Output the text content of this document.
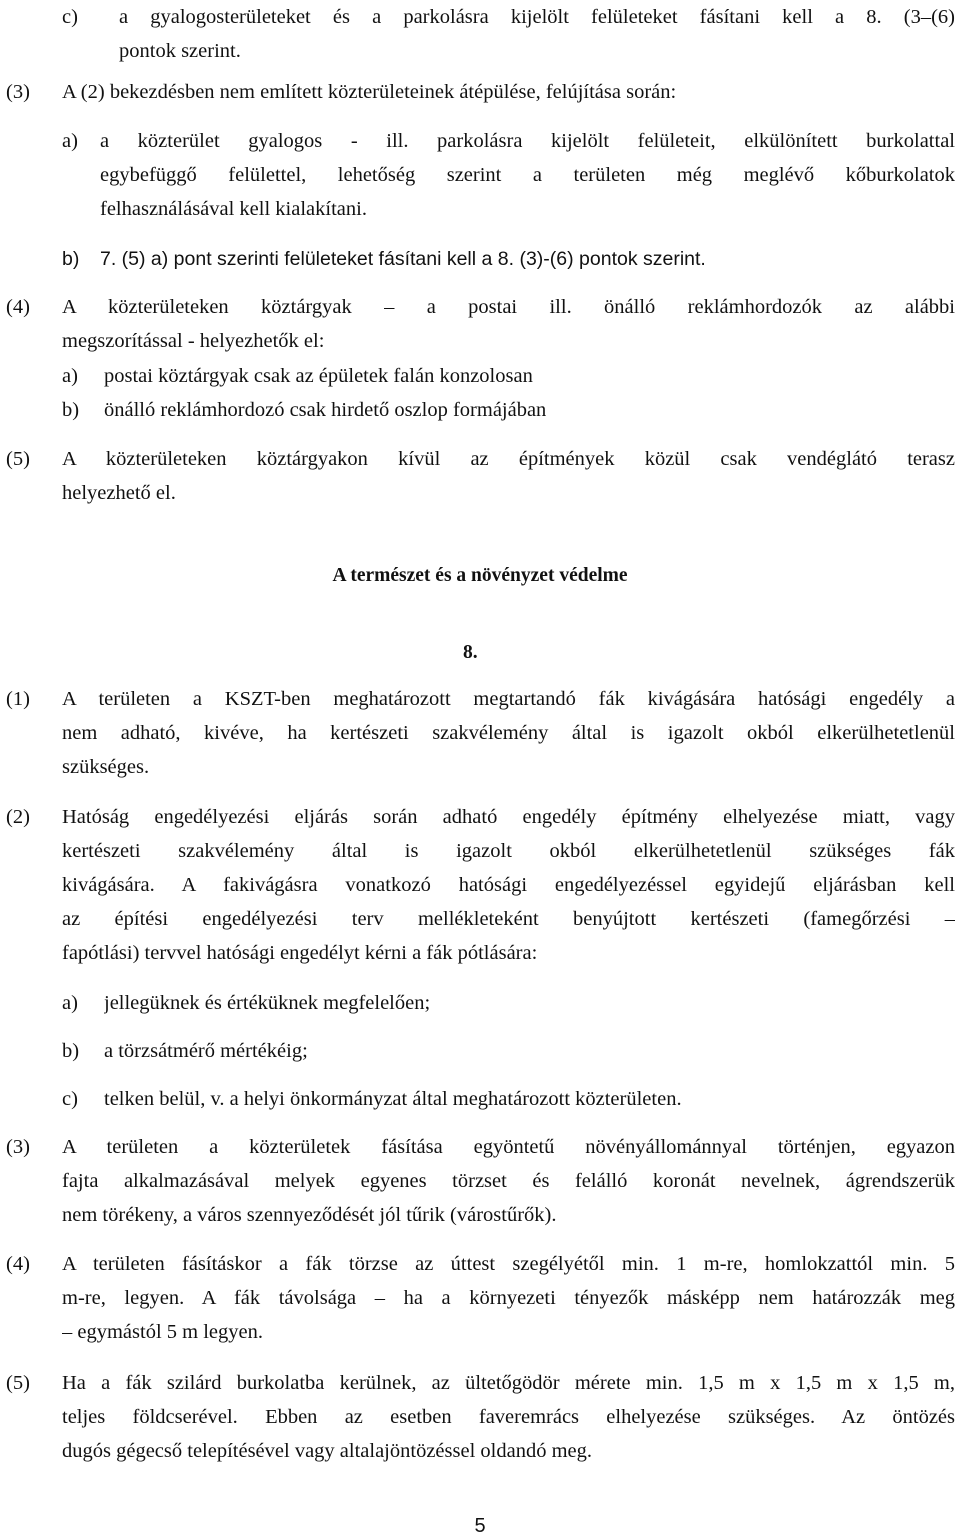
c) a gyalogosterületeket és a parkolásra kijelölt felületeket fásítani kell a 8. (3–(6)
pontok szerint.
(3) A (2) bekezdésben nem említett közterületeinek átépülése, felújítása során:
a) a közterület gyalogos - ill. parkolásra kijelölt felületeit, elkülönített burkolattal
egybefüggő felülettel, lehetőség szerint a területen még meglévő kőburkolatok
felhasználásával kell kialakítani.
b) 7. (5) a) pont szerinti felületeket fásítani kell a 8. (3)-(6) pontok szerint.
(4) A közterületeken köztárgyak – a postai ill. önálló reklámhordozók az alábbi
megszorítással - helyezhetők el:
a) postai köztárgyak csak az épületek falán konzolosan
b) önálló reklámhordozó csak hirdető oszlop formájában
(5) A közterületeken köztárgyakon kívül az építmények közül csak vendéglátó terasz
helyezhető el.
A természet és a növényzet védelme
8.
(1) A területen a KSZT-ben meghatározott megtartandó fák kivágására hatósági engedély a
nem adható, kivéve, ha kertészeti szakvélemény által is igazolt okból elkerülhetetlenül
szükséges.
(2) Hatóság engedélyezési eljárás során adható engedély építmény elhelyezése miatt, vagy
kertészeti szakvélemény által is igazolt okból elkerülhetetlenül szükséges fák
kivágására. A fakivágásra vonatkozó hatósági engedélyezéssel egyidejű eljárásban kell
az építési engedélyezési terv mellékleteként benyújtott kertészeti (famegőrzési –
fapótlási) tervvel hatósági engedélyt kérni a fák pótlására:
a) jellegüknek és értéküknek megfelelően;
b) a törzsátmérő mértékéig;
c) telken belül, v. a helyi önkormányzat által meghatározott közterületen.
(3) A területen a közterületek fásítása egyöntetű növényállománnyal történjen, egyazon
fajta alkalmazásával melyek egyenes törzset és felálló koronát nevelnek, ágrendszerük
nem törékeny, a város szennyeződését jól tűrik (várostűrők).
(4) A területen fásításkor a fák törzse az úttest szegélyétől min. 1 m-re, homlokzattól min. 5
m-re, legyen. A fák távolsága – ha a környezeti tényezők másképp nem határozzák meg
– egymástól 5 m legyen.
(5) Ha a fák szilárd burkolatba kerülnek, az ültetőgödör mérete min. 1,5 m x 1,5 m x 1,5 m,
teljes földcserével. Ebben az esetben faveremrács elhelyezése szükséges. Az öntözés
dugós gégecső telepítésével vagy altalajöntözéssel oldandó meg.
5
